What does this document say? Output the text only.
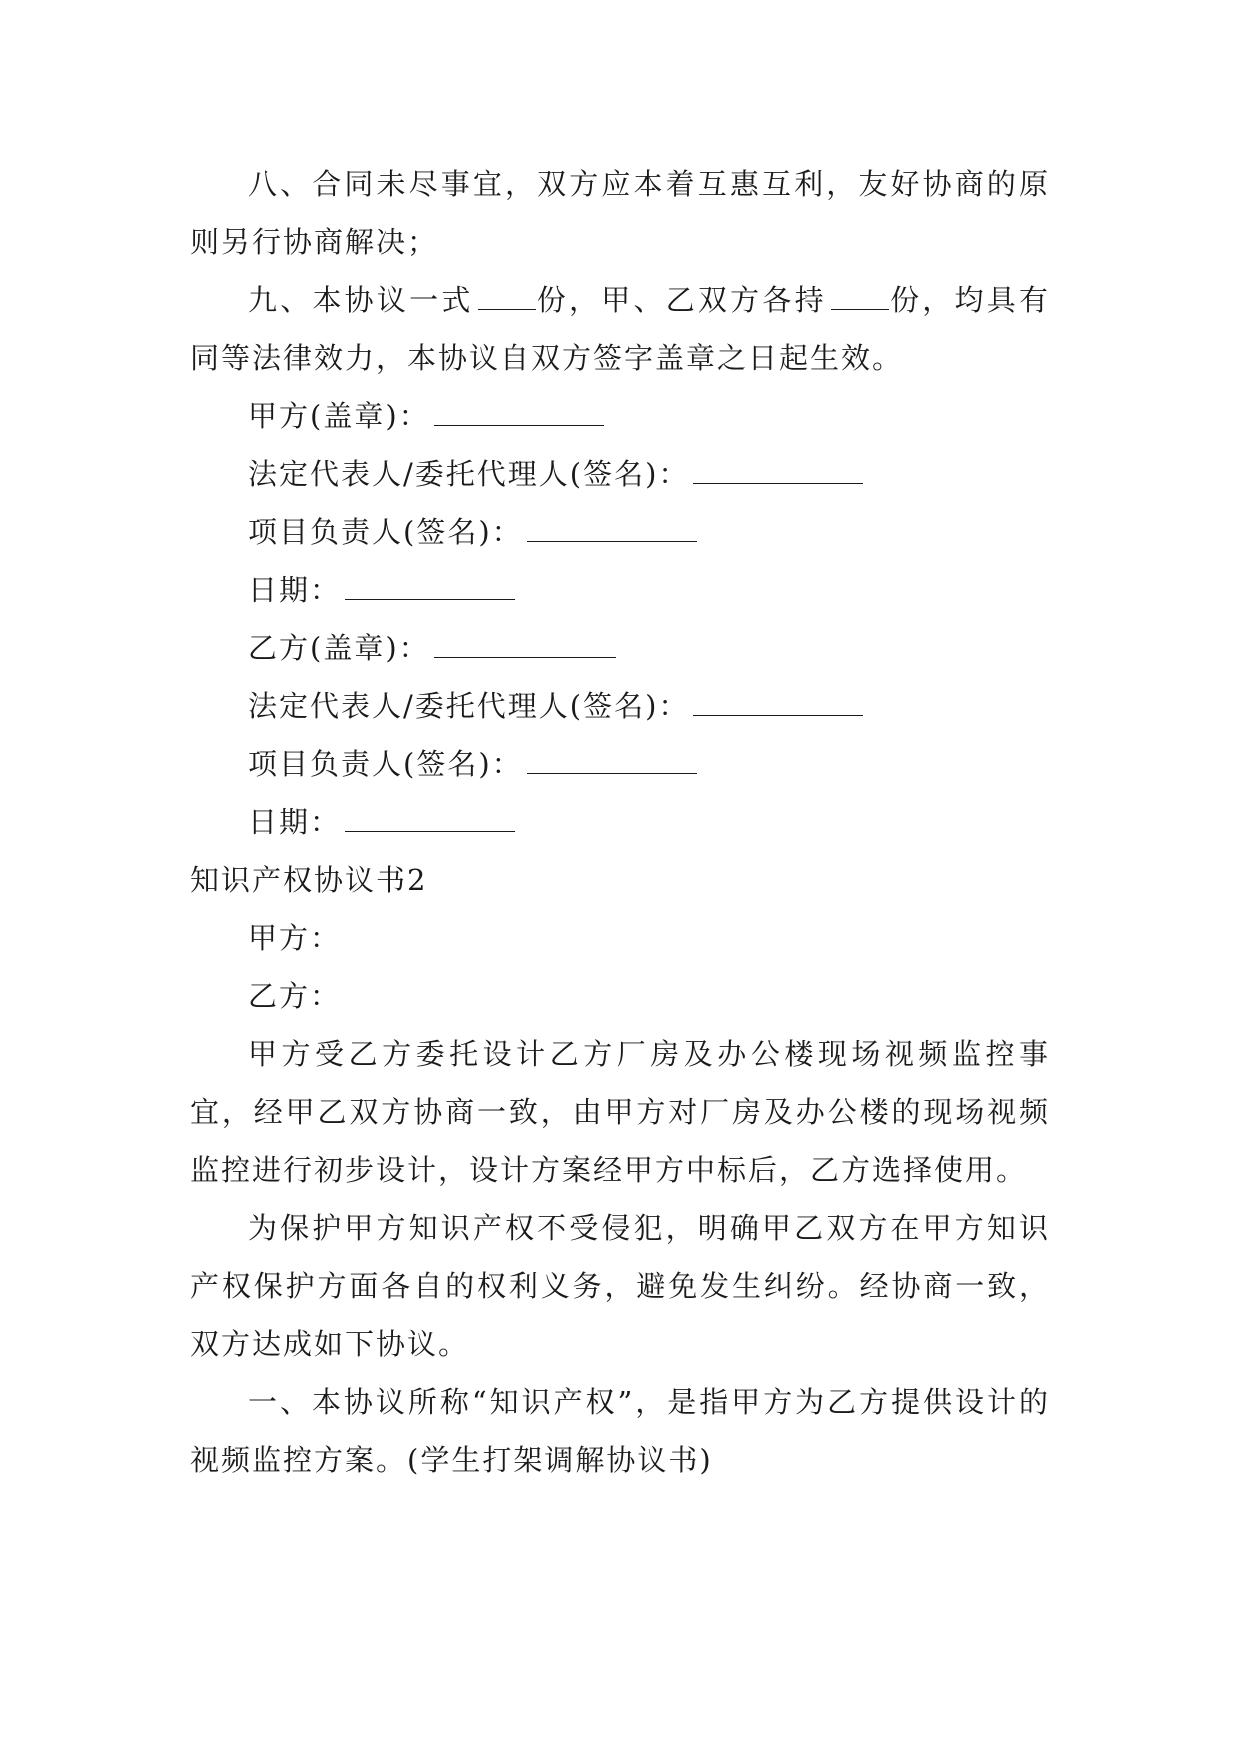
八、合同未尽事宜，双方应本着互惠互利，友好协商的原则另行协商解决；

九、本协议一式 份，甲、乙双方各持 份，均具有同等法律效力，本协议自双方签字盖章之日起生效。

甲方(盖章)：

法定代表人/委托代理人(签名)：

项目负责人(签名)：

日期：

乙方(盖章)：

法定代表人/委托代理人(签名)：

项目负责人(签名)：

日期：

知识产权协议书2

甲方：

乙方：

甲方受乙方委托设计乙方厂房及办公楼现场视频监控事宜，经甲乙双方协商一致，由甲方对厂房及办公楼的现场视频监控进行初步设计，设计方案经甲方中标后，乙方选择使用。

为保护甲方知识产权不受侵犯，明确甲乙双方在甲方知识产权保护方面各自的权利义务，避免发生纠纷。经协商一致，双方达成如下协议。

一、本协议所称“知识产权”，是指甲方为乙方提供设计的视频监控方案。(学生打架调解协议书)
